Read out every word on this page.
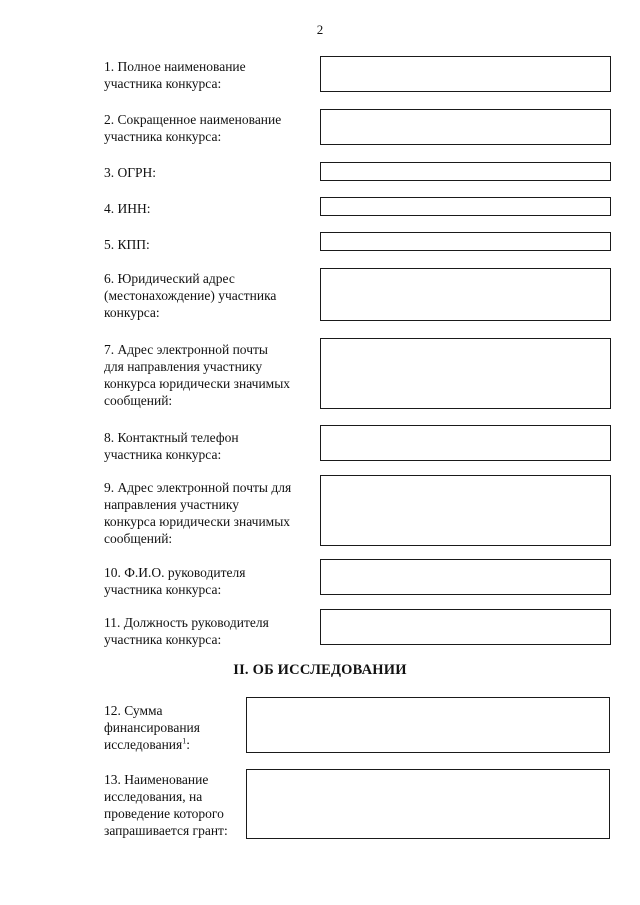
2
1. Полное наименование
участника конкурса:
2. Сокращенное наименование
участника конкурса:
3. ОГРН:
4. ИНН:
5. КПП:
6. Юридический адрес
(местонахождение) участника
конкурса:
7. Адрес электронной почты
для направления участнику
конкурса юридически значимых
сообщений:
8. Контактный телефон
участника конкурса:
9. Адрес электронной почты для
направления участнику
конкурса юридически значимых
сообщений:
10. Ф.И.О. руководителя
участника конкурса:
11. Должность руководителя
участника конкурса:
II. ОБ ИССЛЕДОВАНИИ
12. Сумма
финансирования
исследования$^1$:
13. Наименование
исследования, на
проведение которого
запрашивается грант:
